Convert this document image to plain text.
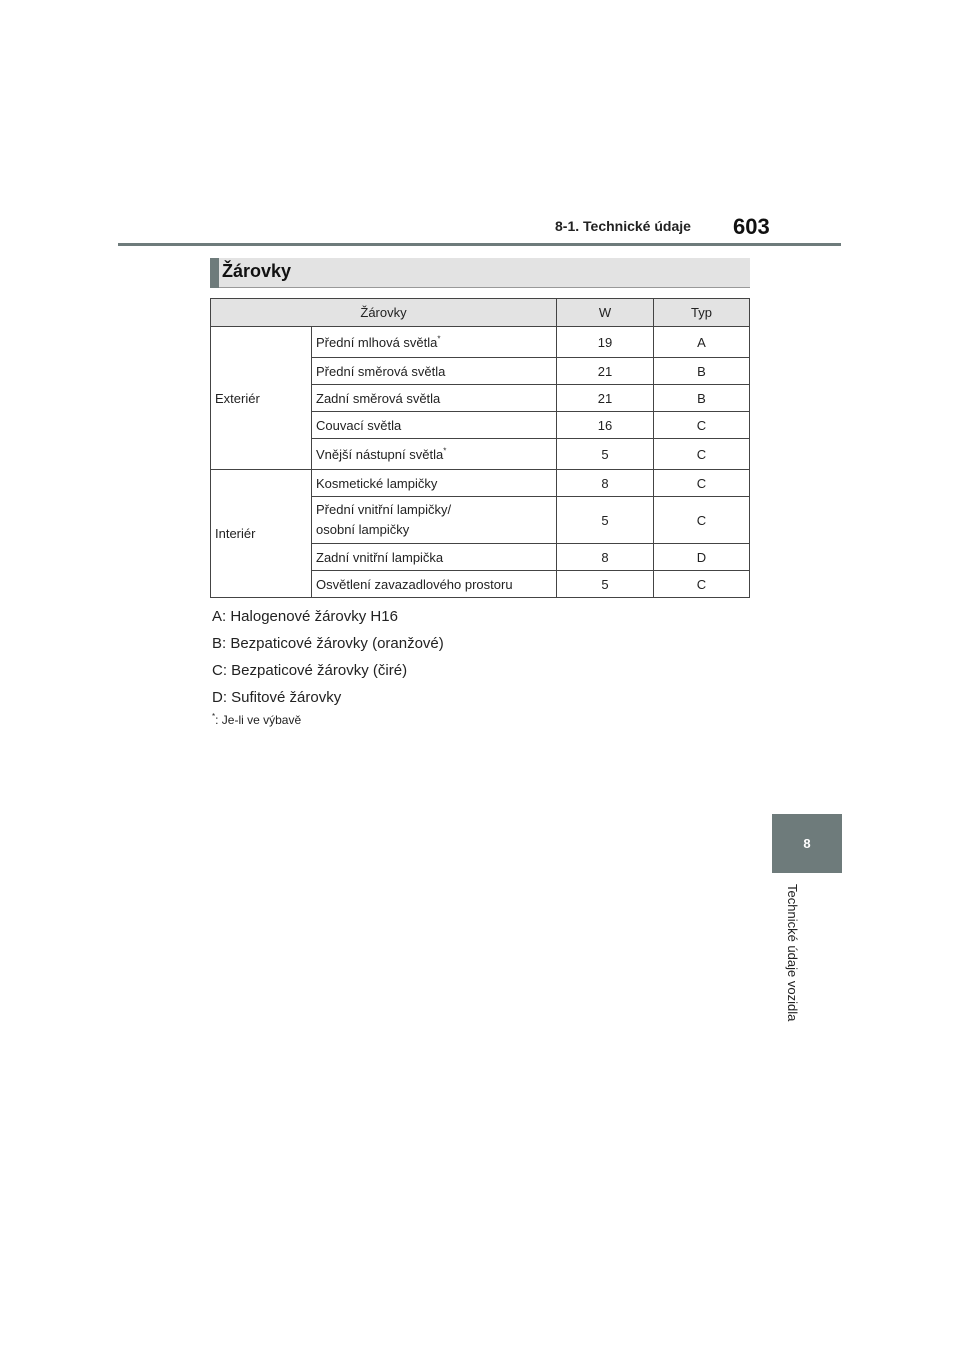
8-1. Technické údaje 603
Žárovky
Žárovky		W	Typ
Exteriér	Přední mlhová světla*	19	A
	Přední směrová světla	21	B
	Zadní směrová světla	21	B
	Couvací světla	16	C
	Vnější nástupní světla*	5	C
Interiér	Kosmetické lampičky	8	C
	Přední vnitřní lampičky/
osobní lampičky	5	C
	Zadní vnitřní lampička	8	D
	Osvětlení zavazadlového prostoru	5	C
A: Halogenové žárovky H16
B: Bezpaticové žárovky (oranžové)
C: Bezpaticové žárovky (čiré)
D: Sufitové žárovky
*: Je-li ve výbavě
8
Technické údaje vozidla
